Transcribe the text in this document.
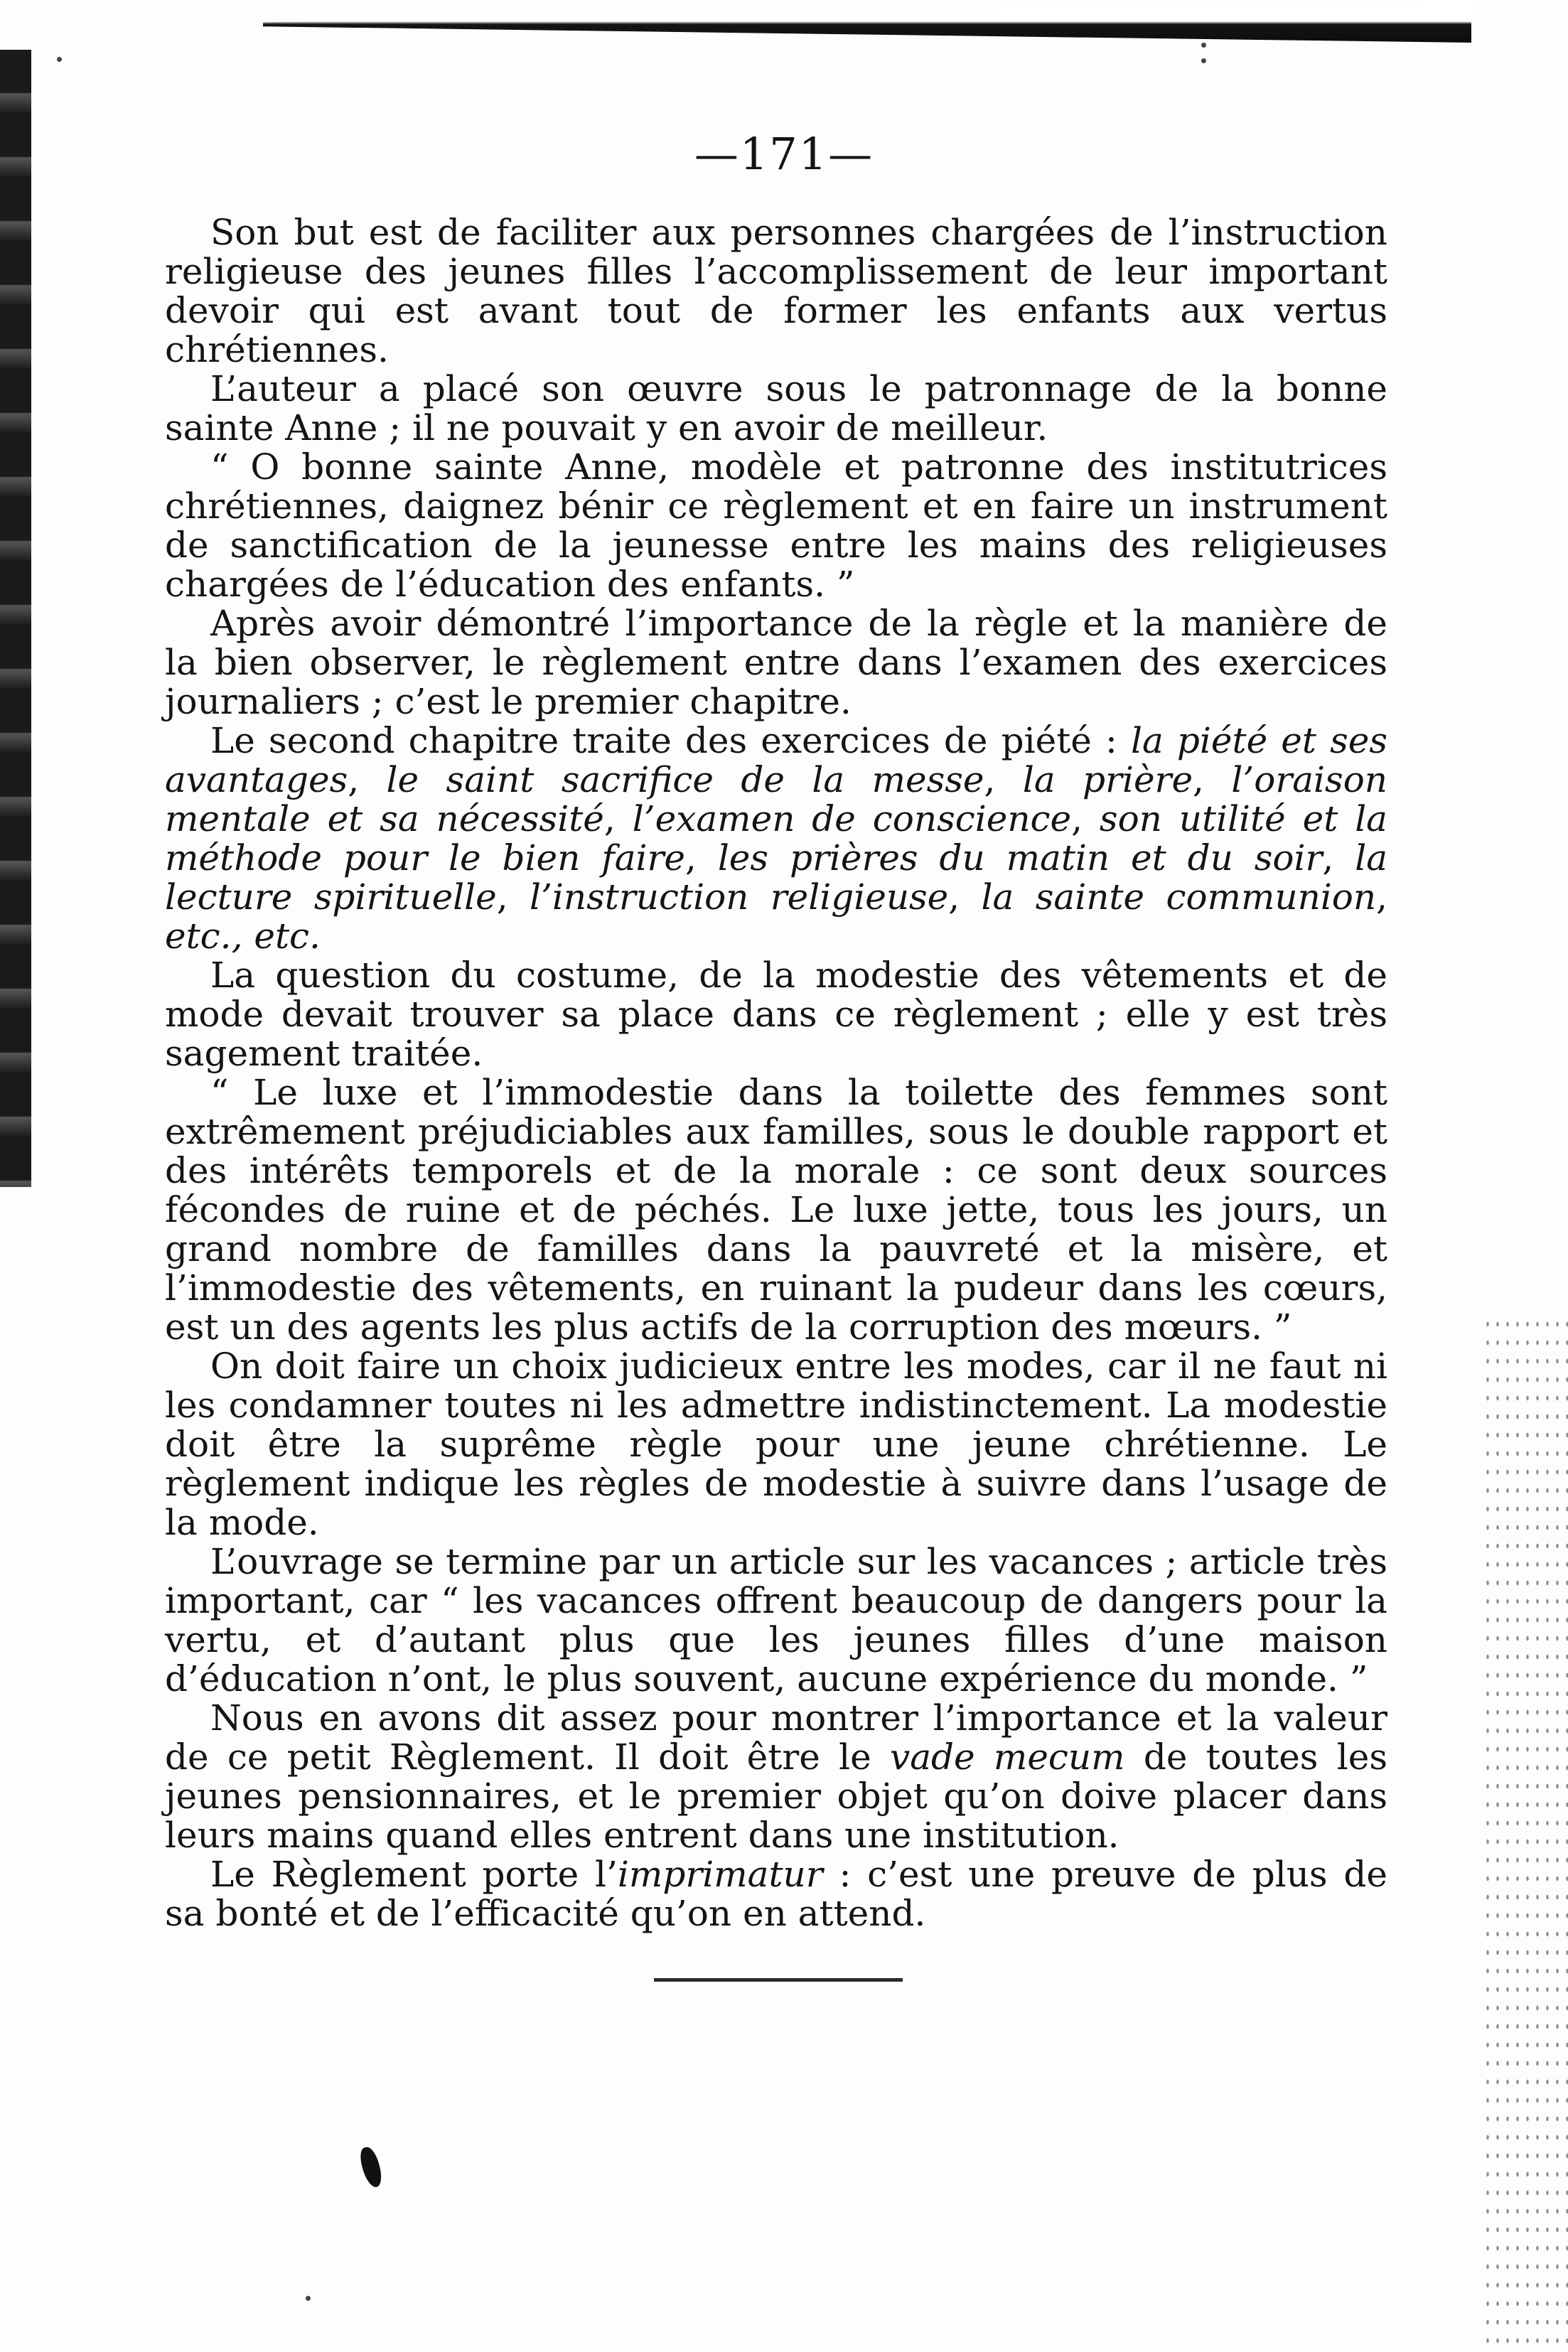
—171—

Son but est de faciliter aux personnes chargées de l’instruction religieuse des jeunes filles l’accomplissement de leur important devoir qui est avant tout de former les enfants aux vertus chrétiennes.

L’auteur a placé son œuvre sous le patronnage de la bonne sainte Anne ; il ne pouvait y en avoir de meilleur.

“ O bonne sainte Anne, modèle et patronne des institutrices chrétiennes, daignez bénir ce règlement et en faire un instrument de sanctification de la jeunesse entre les mains des religieuses chargées de l’éducation des enfants. ”

Après avoir démontré l’importance de la règle et la manière de la bien observer, le règlement entre dans l’examen des exercices journaliers ; c’est le premier chapitre.

Le second chapitre traite des exercices de piété : la piété et ses avantages, le saint sacrifice de la messe, la prière, l’oraison mentale et sa nécessité, l’examen de conscience, son utilité et la méthode pour le bien faire, les prières du matin et du soir, la lecture spirituelle, l’instruction religieuse, la sainte communion, etc., etc.

La question du costume, de la modestie des vêtements et de mode devait trouver sa place dans ce règlement ; elle y est très sagement traitée.

“ Le luxe et l’immodestie dans la toilette des femmes sont extrêmement préjudiciables aux familles, sous le double rapport et des intérêts temporels et de la morale : ce sont deux sources fécondes de ruine et de péchés. Le luxe jette, tous les jours, un grand nombre de familles dans la pauvreté et la misère, et l’immodestie des vêtements, en ruinant la pudeur dans les cœurs, est un des agents les plus actifs de la corruption des mœurs. ”

On doit faire un choix judicieux entre les modes, car il ne faut ni les condamner toutes ni les admettre indistinctement. La modestie doit être la suprême règle pour une jeune chrétienne. Le règlement indique les règles de modestie à suivre dans l’usage de la mode.

L’ouvrage se termine par un article sur les vacances ; article très important, car “ les vacances offrent beaucoup de dangers pour la vertu, et d’autant plus que les jeunes filles d’une maison d’éducation n’ont, le plus souvent, aucune expérience du monde. ”

Nous en avons dit assez pour montrer l’importance et la valeur de ce petit Règlement. Il doit être le vade mecum de toutes les jeunes pensionnaires, et le premier objet qu’on doive placer dans leurs mains quand elles entrent dans une institution.

Le Règlement porte l’imprimatur : c’est une preuve de plus de sa bonté et de l’efficacité qu’on en attend.
